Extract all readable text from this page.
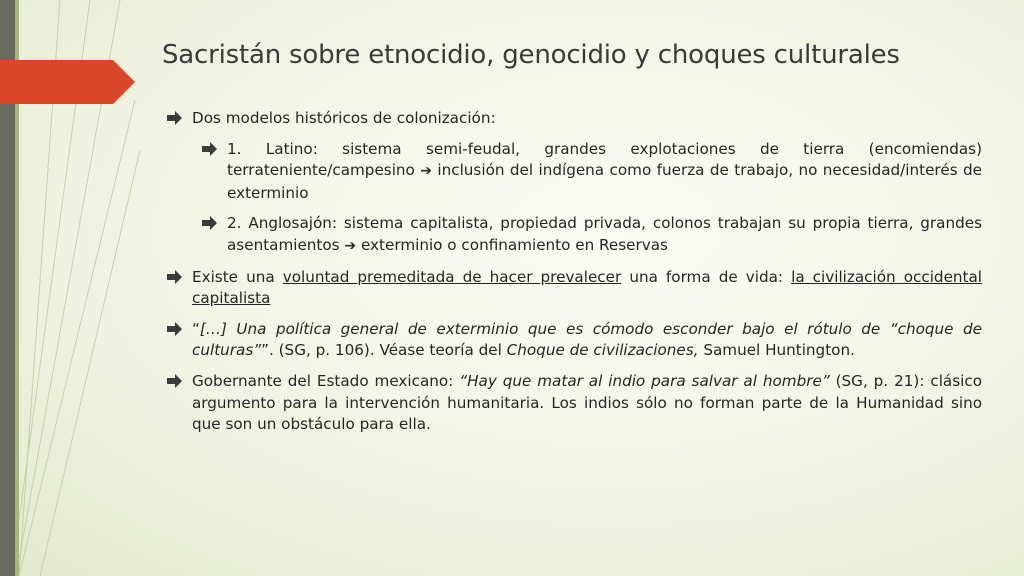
Sacristán sobre etnocidio, genocidio y choques culturales
Dos modelos históricos de colonización:
1. Latino: sistema semi-feudal, grandes explotaciones de tierra (encomiendas) terrateniente/campesino ➔ inclusión del indígena como fuerza de trabajo, no necesidad/interés de exterminio
2. Anglosajón: sistema capitalista, propiedad privada, colonos trabajan su propia tierra, grandes asentamientos ➔ exterminio o confinamiento en Reservas
Existe una voluntad premeditada de hacer prevalecer una forma de vida: la civilización occidental capitalista
“[…] Una política general de exterminio que es cómodo esconder bajo el rótulo de “choque de culturas””. (SG, p. 106). Véase teoría del Choque de civilizaciones, Samuel Huntington.
Gobernante del Estado mexicano: “Hay que matar al indio para salvar al hombre” (SG, p. 21): clásico argumento para la intervención humanitaria. Los indios sólo no forman parte de la Humanidad sino que son un obstáculo para ella.
